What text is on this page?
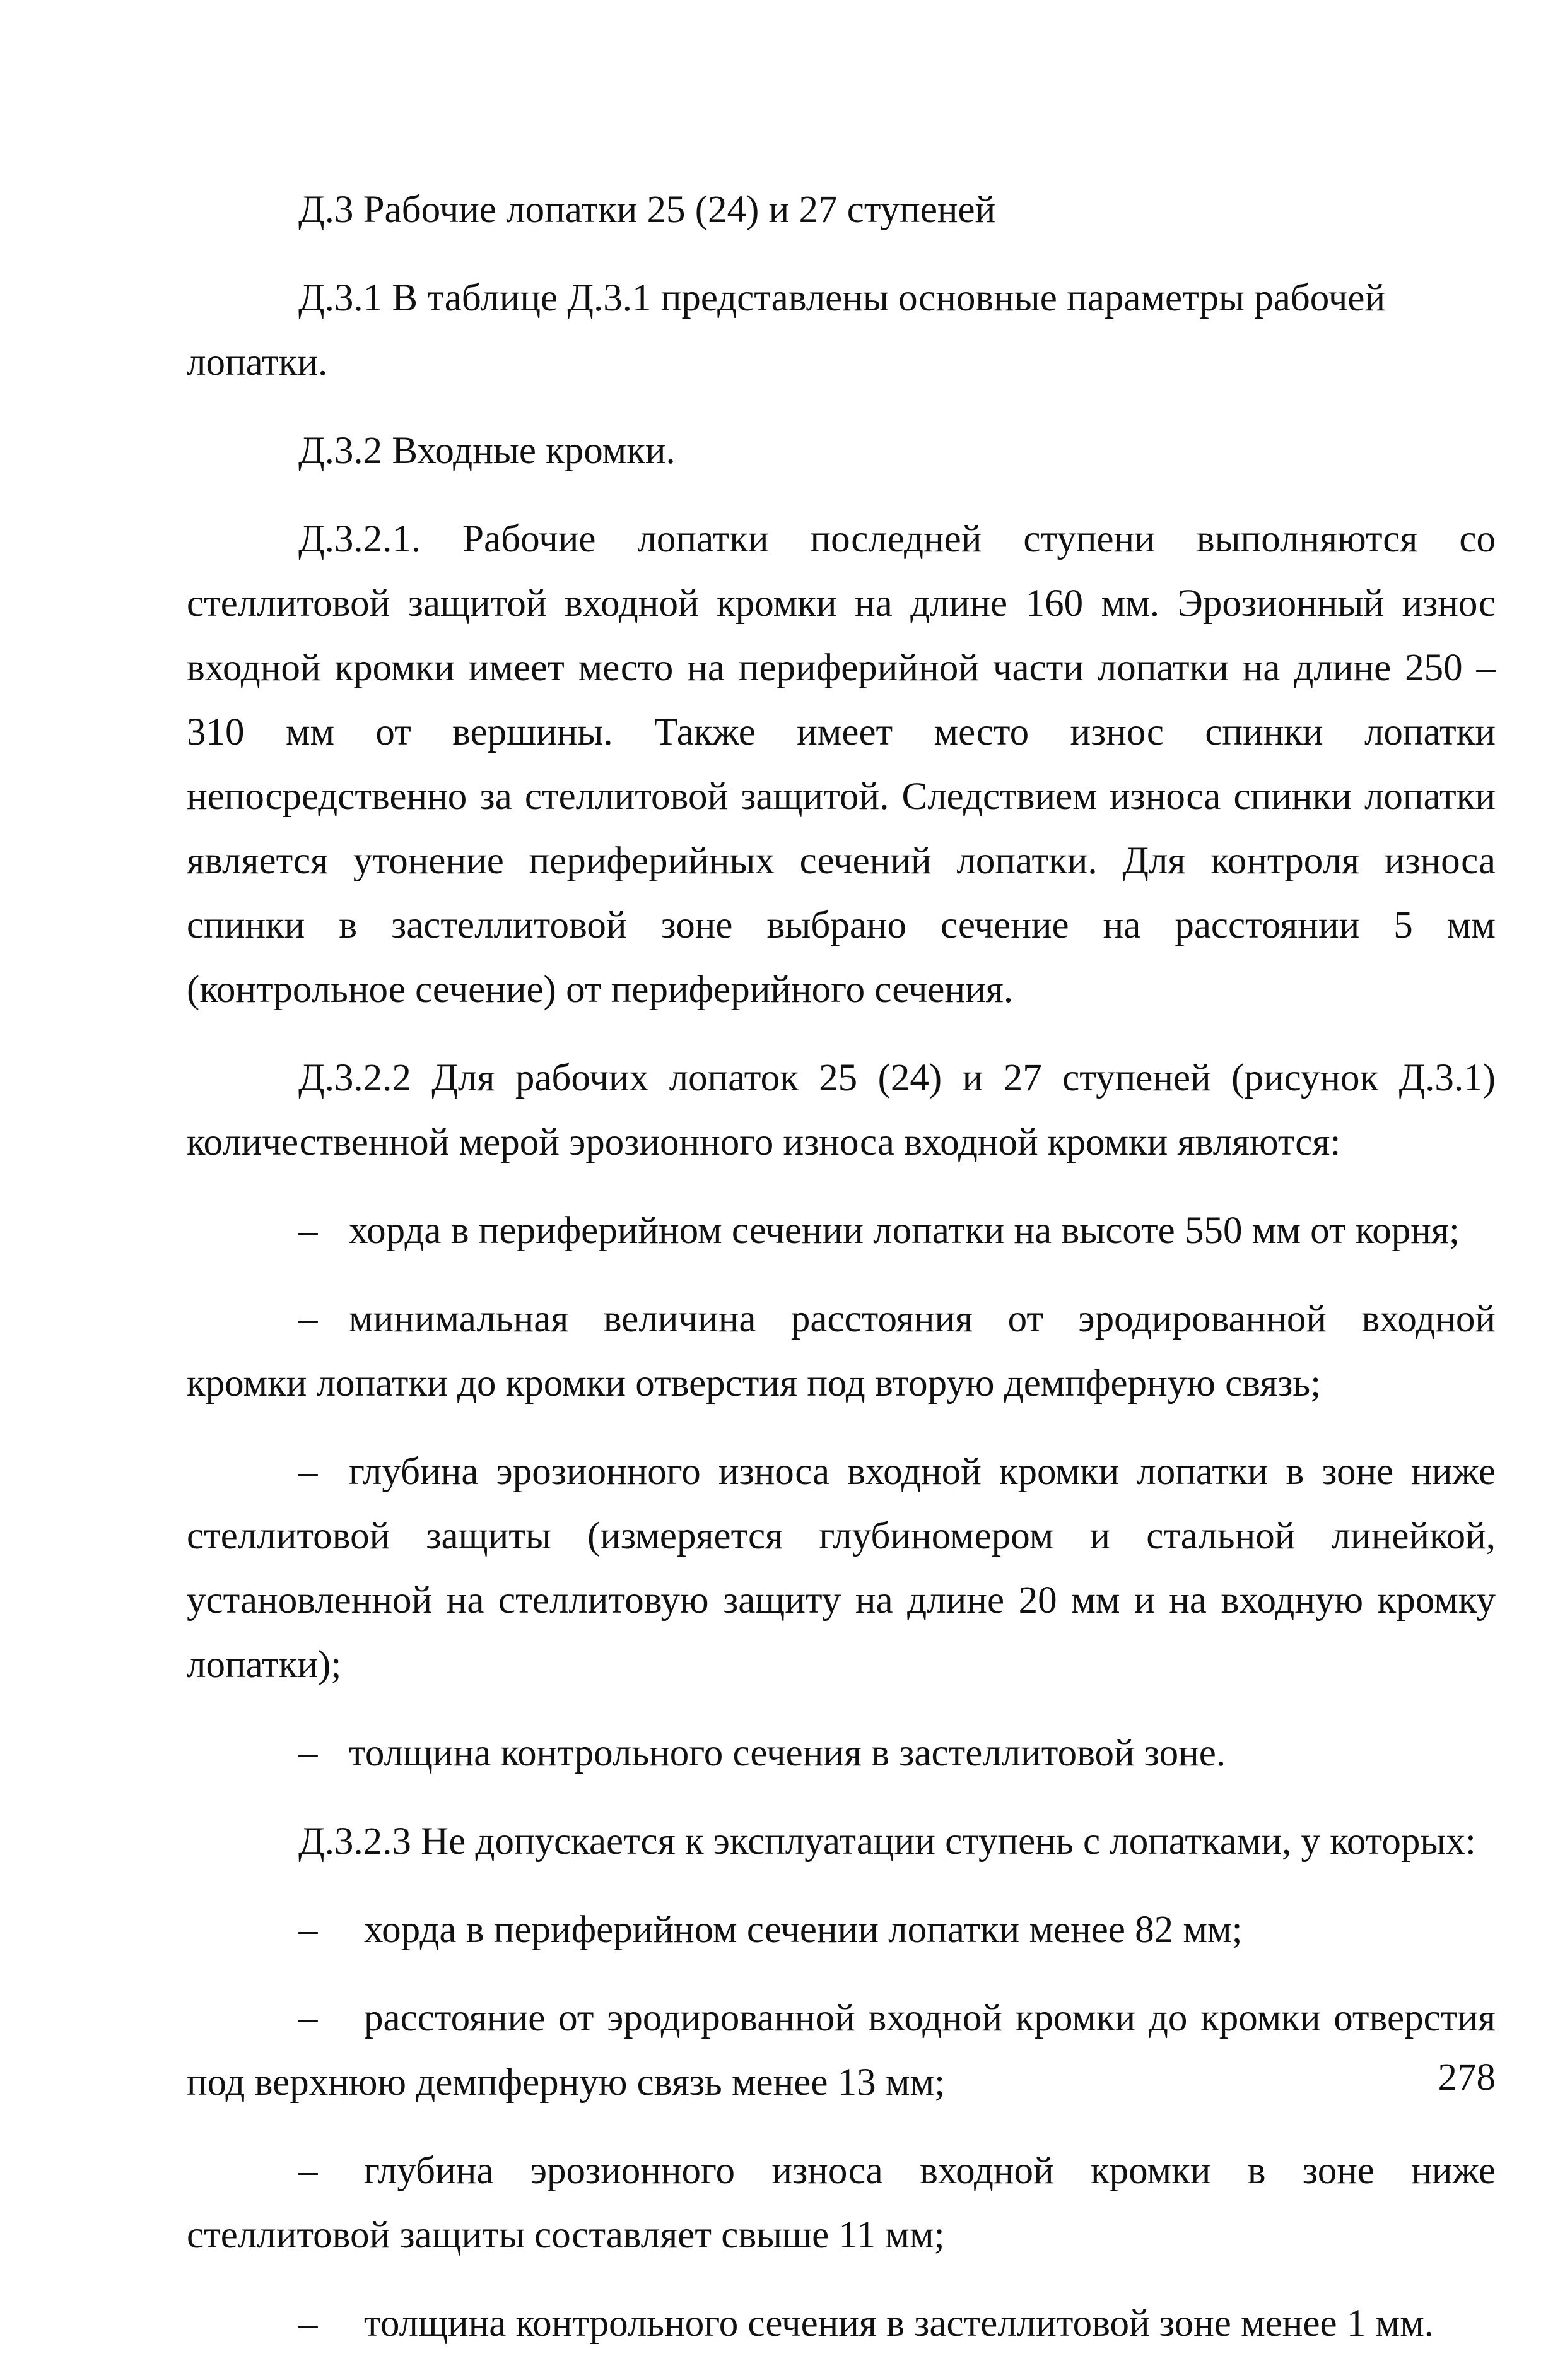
Д.3 Рабочие лопатки 25 (24) и 27 ступеней

Д.3.1 В таблице Д.3.1 представлены основные параметры рабочей лопатки.

Д.3.2 Входные кромки.

Д.3.2.1. Рабочие лопатки последней ступени выполняются со стеллитовой защитой входной кромки на длине 160 мм. Эрозионный износ входной кромки имеет место на периферийной части лопатки на длине 250 – 310 мм от вершины. Также имеет место износ спинки лопатки непосредственно за стеллитовой защитой. Следствием износа спинки лопатки является утонение периферийных сечений лопатки. Для контроля износа спинки в застеллитовой зоне выбрано сечение на расстоянии 5 мм (контрольное сечение) от периферийного сечения.

Д.3.2.2 Для рабочих лопаток 25 (24) и 27 ступеней (рисунок Д.3.1) количественной мерой эрозионного износа входной кромки являются:

– хорда в периферийном сечении лопатки на высоте 550 мм от корня;

– минимальная величина расстояния от эродированной входной кромки лопатки до кромки отверстия под вторую демпферную связь;

– глубина эрозионного износа входной кромки лопатки в зоне ниже стеллитовой защиты (измеряется глубиномером и стальной линейкой, установленной на стеллитовую защиту на длине 20 мм и на входную кромку лопатки);

– толщина контрольного сечения в застеллитовой зоне.

Д.3.2.3 Не допускается к эксплуатации ступень с лопатками, у которых:

– хорда в периферийном сечении лопатки менее 82 мм;

– расстояние от эродированной входной кромки до кромки отверстия под верхнюю демпферную связь менее 13 мм;

– глубина эрозионного износа входной кромки в зоне ниже стеллитовой защиты составляет свыше 11 мм;

– толщина контрольного сечения в застеллитовой зоне менее 1 мм.

278
